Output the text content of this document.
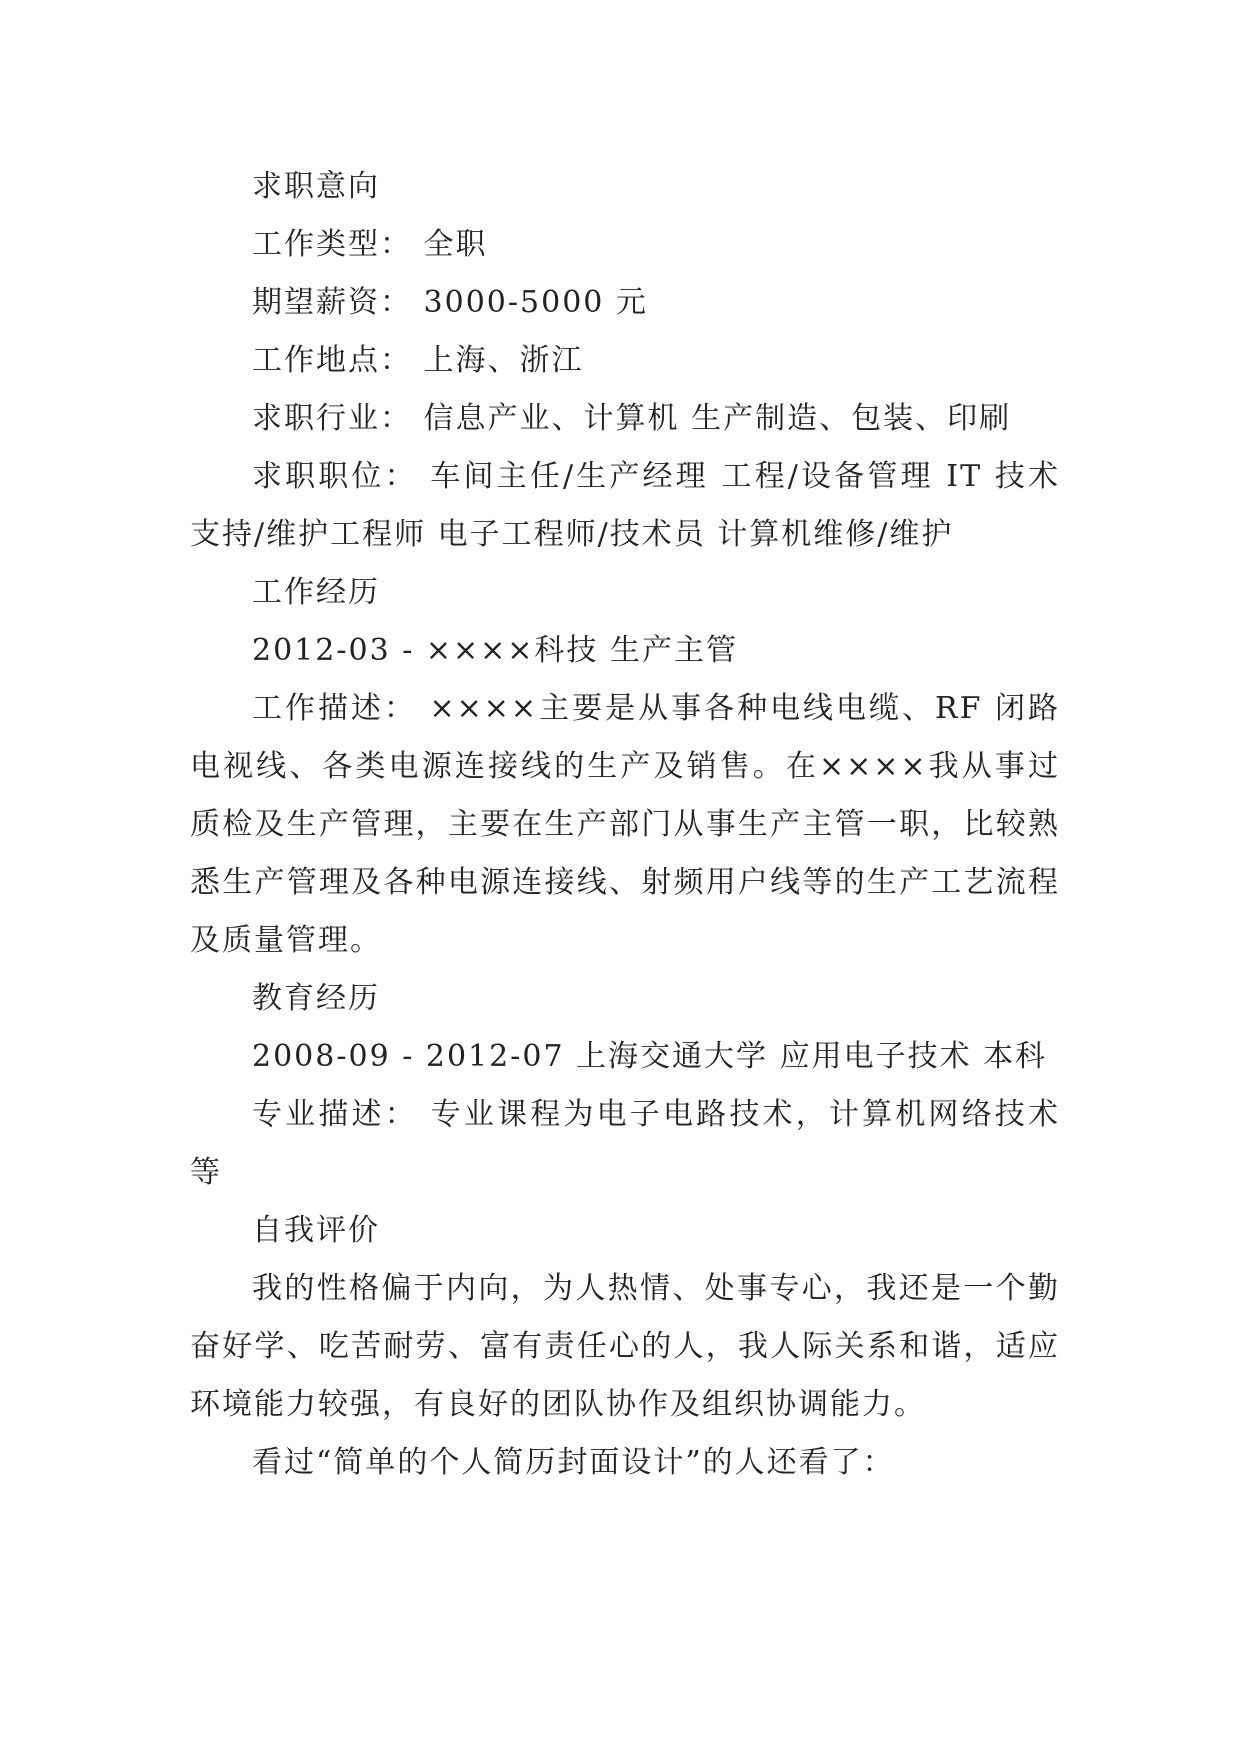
求职意向

工作类型： 全职

期望薪资： 3000-5000 元

工作地点： 上海、浙江

求职行业： 信息产业、计算机 生产制造、包装、印刷

求职职位： 车间主任/生产经理 工程/设备管理 IT 技术支持/维护工程师 电子工程师/技术员 计算机维修/维护

工作经历

2012-03 - ××××科技 生产主管

工作描述： ××××主要是从事各种电线电缆、RF 闭路电视线、各类电源连接线的生产及销售。在××××我从事过质检及生产管理，主要在生产部门从事生产主管一职，比较熟悉生产管理及各种电源连接线、射频用户线等的生产工艺流程及质量管理。

教育经历

2008-09 - 2012-07 上海交通大学 应用电子技术 本科

专业描述： 专业课程为电子电路技术，计算机网络技术等

自我评价

我的性格偏于内向，为人热情、处事专心，我还是一个勤奋好学、吃苦耐劳、富有责任心的人，我人际关系和谐，适应环境能力较强，有良好的团队协作及组织协调能力。

看过“简单的个人简历封面设计”的人还看了：
